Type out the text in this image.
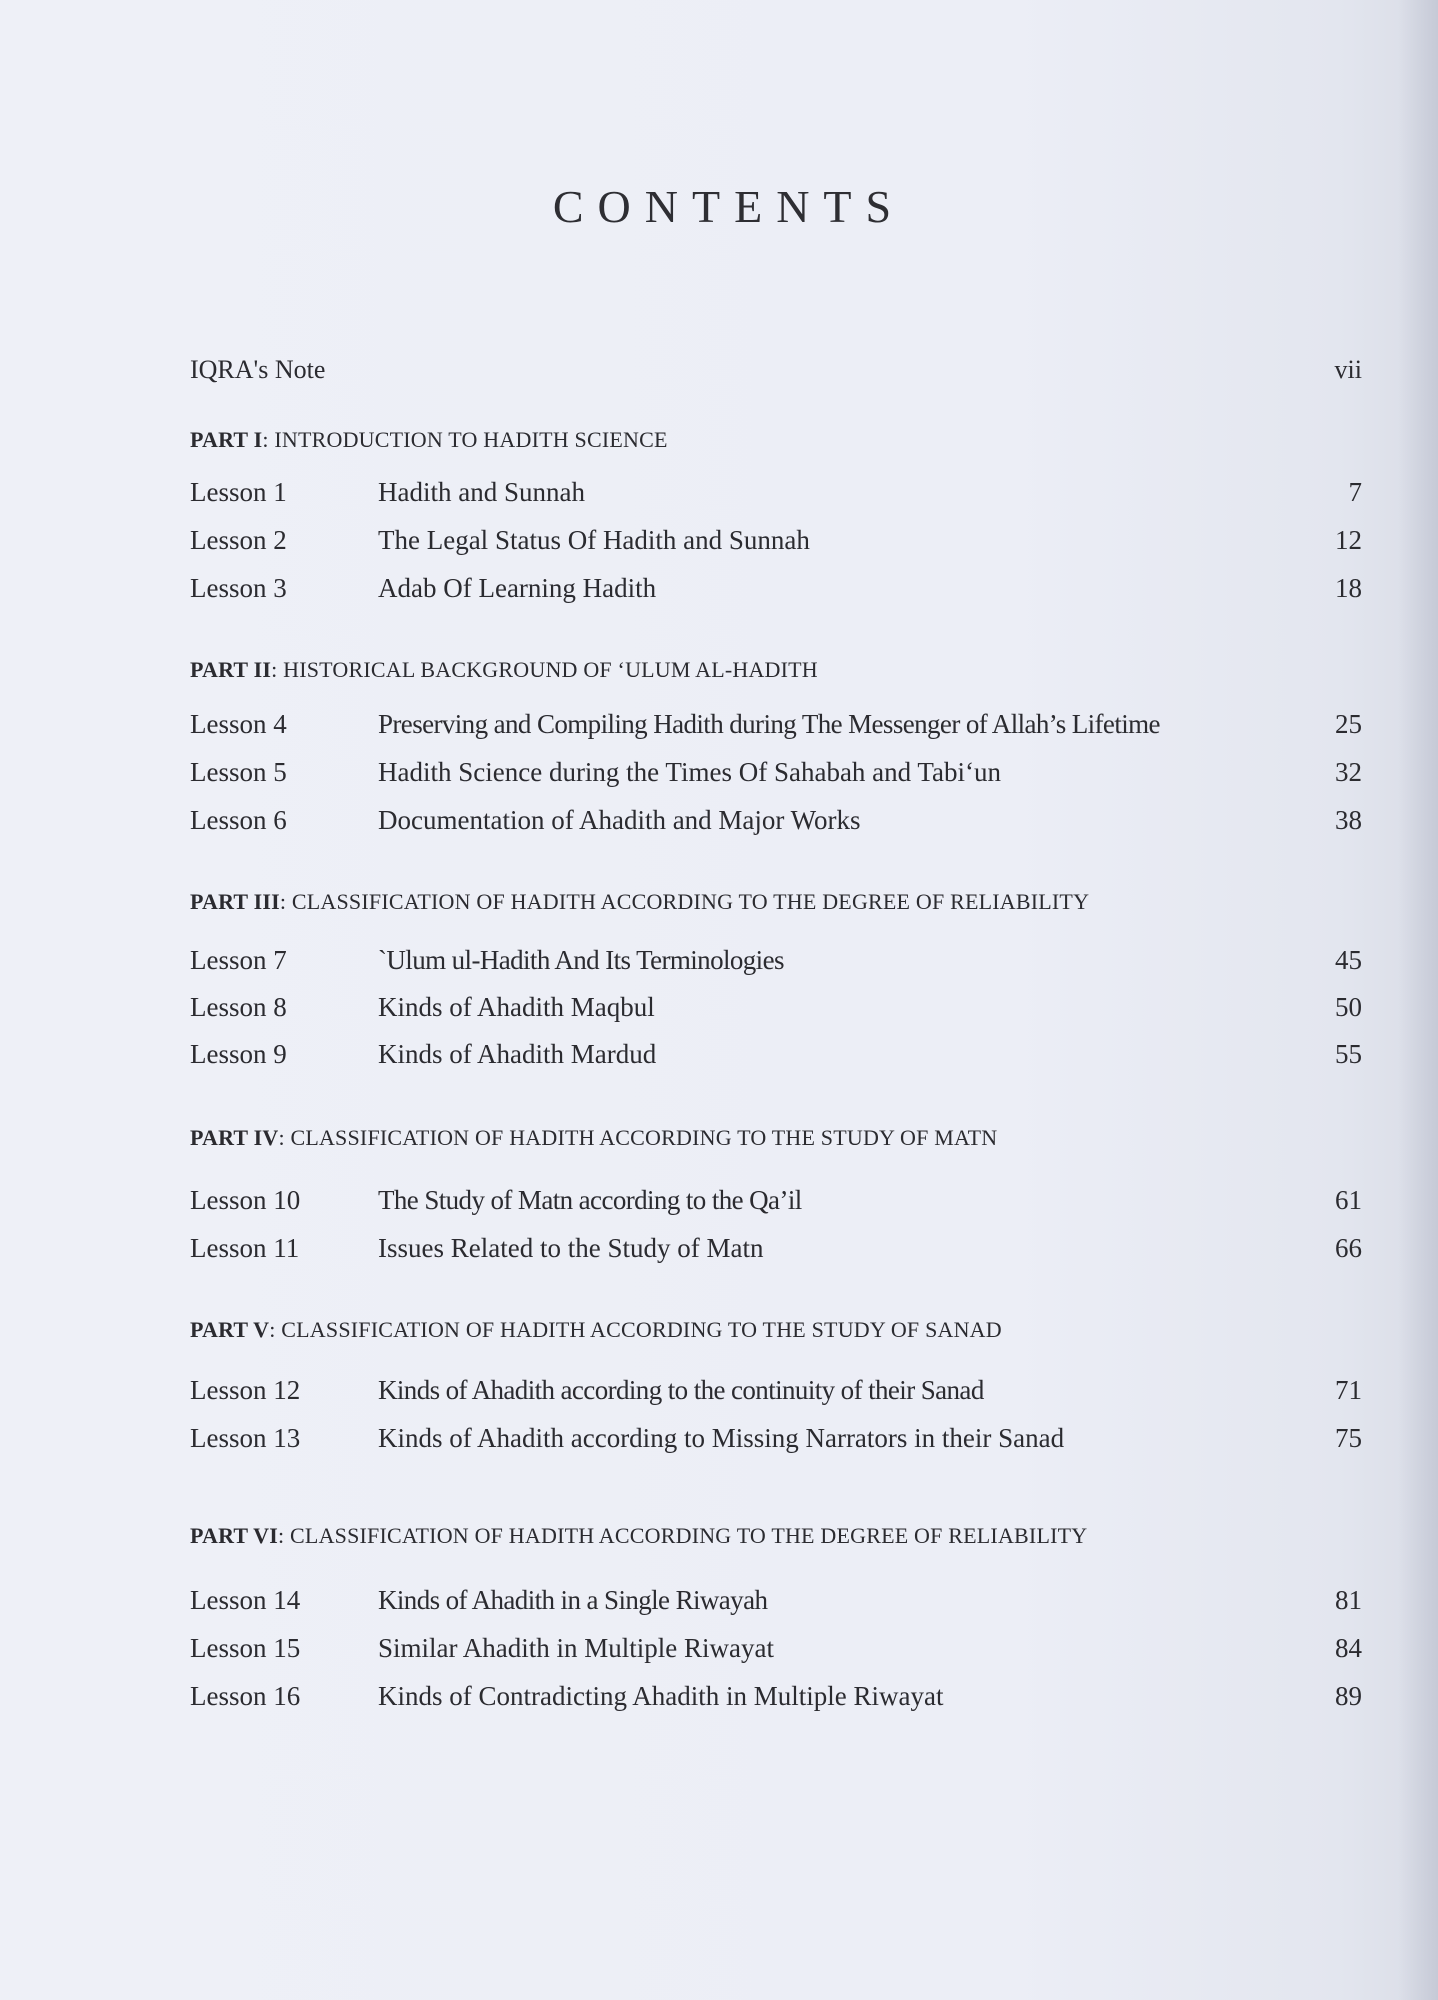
CONTENTS
IQRA's Note	vii
PART I: INTRODUCTION TO HADITH SCIENCE
Lesson 1	Hadith and Sunnah	7
Lesson 2	The Legal Status Of Hadith and Sunnah	12
Lesson 3	Adab Of Learning Hadith	18
PART II: HISTORICAL BACKGROUND OF ‘ULUM AL-HADITH
Lesson 4	Preserving and Compiling Hadith during The Messenger of Allah’s Lifetime	25
Lesson 5	Hadith Science during the Times Of Sahabah and Tabi‘un	32
Lesson 6	Documentation of Ahadith and Major Works	38
PART III: CLASSIFICATION OF HADITH ACCORDING TO THE DEGREE OF RELIABILITY
Lesson 7	`Ulum ul-Hadith And Its Terminologies	45
Lesson 8	Kinds of Ahadith Maqbul	50
Lesson 9	Kinds of Ahadith Mardud	55
PART IV: CLASSIFICATION OF HADITH ACCORDING TO THE STUDY OF MATN
Lesson 10	The Study of Matn according to the Qa’il	61
Lesson 11	Issues Related to the Study of Matn	66
PART V: CLASSIFICATION OF HADITH ACCORDING TO THE STUDY OF SANAD
Lesson 12	Kinds of Ahadith according to the continuity of their Sanad	71
Lesson 13	Kinds of Ahadith according to Missing Narrators in their Sanad	75
PART VI: CLASSIFICATION OF HADITH ACCORDING TO THE DEGREE OF RELIABILITY
Lesson 14	Kinds of Ahadith in a Single Riwayah	81
Lesson 15	Similar Ahadith in Multiple Riwayat	84
Lesson 16	Kinds of Contradicting Ahadith in Multiple Riwayat	89
